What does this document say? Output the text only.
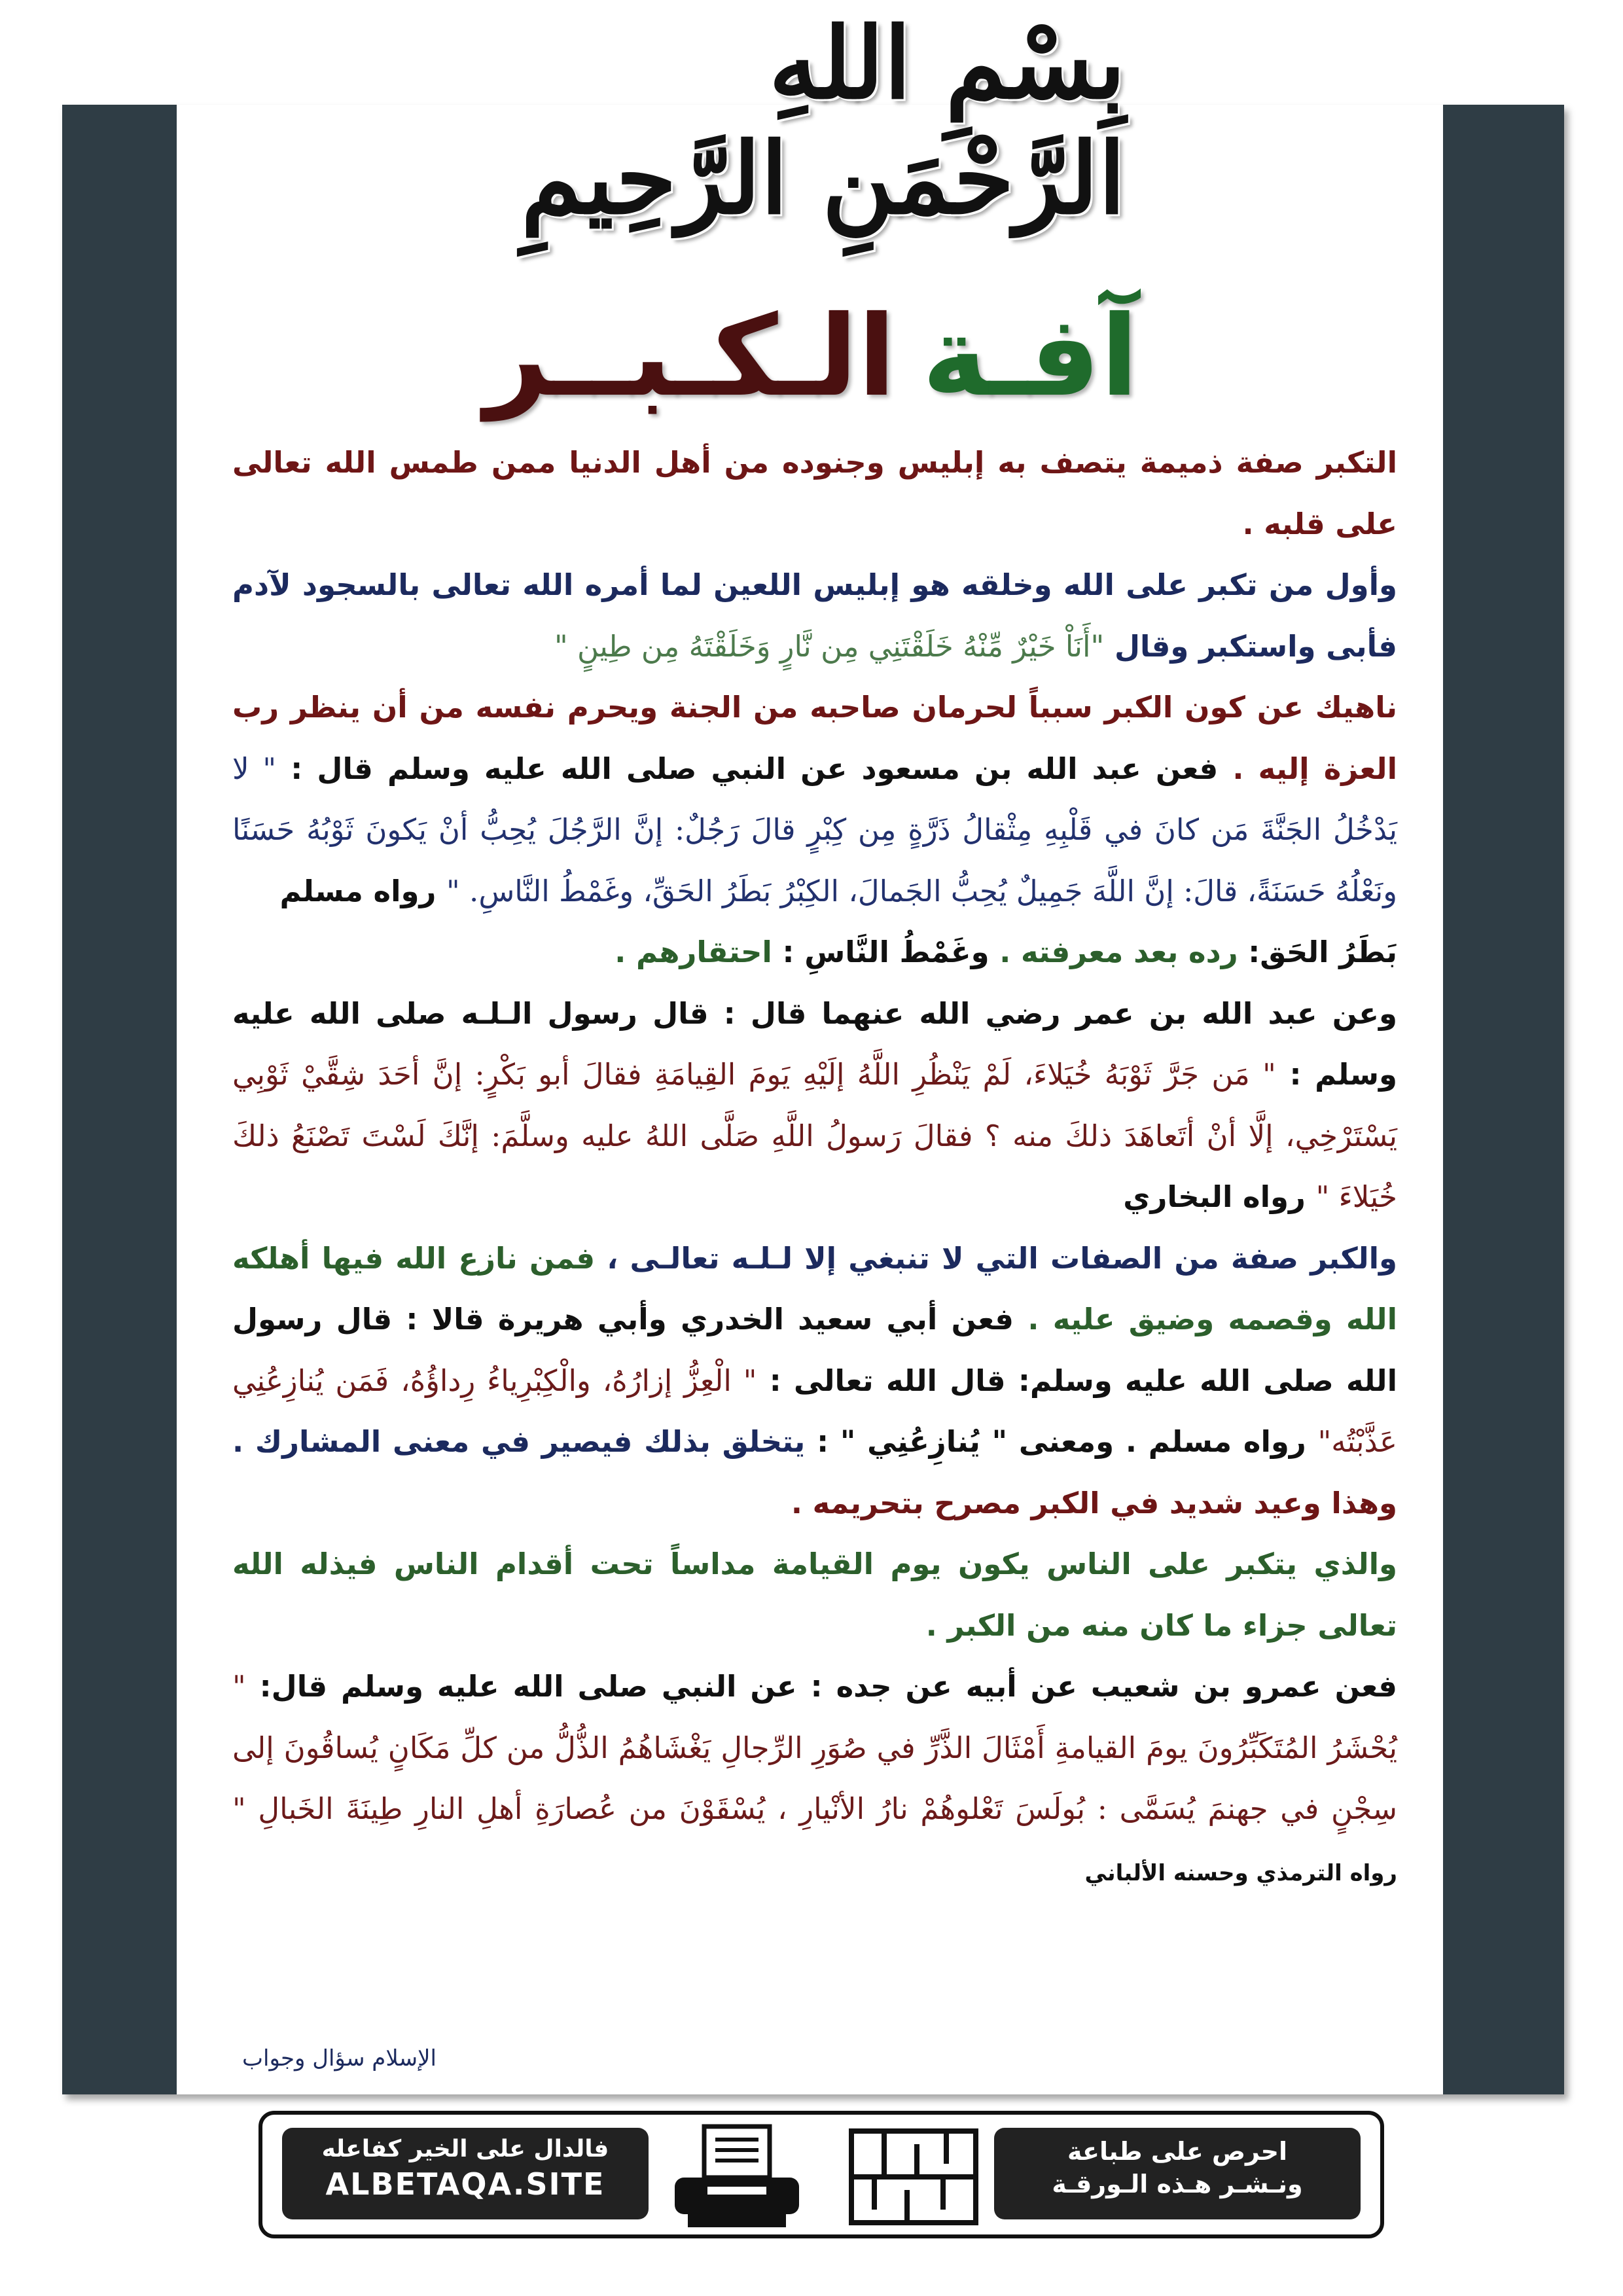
بِسْمِ اللهِ الرَّحْمَنِ الرَّحِيمِ
آفـة
الـكـبــر

التكبر صفة ذميمة يتصف به إبليس وجنوده من أهل الدنيا ممن طمس الله تعالى على قلبه .

وأول من تكبر على الله وخلقه هو إبليس اللعين لما أمره الله تعالى بالسجود لآدم فأبى واستكبر وقال "أَنَاْ خَيْرٌ مِّنْهُ خَلَقْتَنِي مِن نَّارٍ وَخَلَقْتَهُ مِن طِينٍ "

ناهيك عن كون الكبر سبباً لحرمان صاحبه من الجنة ويحرم نفسه من أن ينظر رب العزة إليه . فعن عبد الله بن مسعود عن النبي صلى الله عليه وسلم قال : " لا يَدْخُلُ الجَنَّةَ مَن كانَ في قَلْبِهِ مِثْقالُ ذَرَّةٍ مِن كِبْرٍ قالَ رَجُلٌ: إنَّ الرَّجُلَ يُحِبُّ أنْ يَكونَ ثَوْبُهُ حَسَنًا ونَعْلُهُ حَسَنَةً، قالَ: إنَّ اللَّهَ جَمِيلٌ يُحِبُّ الجَمالَ، الكِبْرُ بَطَرُ الحَقِّ، وغَمْطُ النَّاسِ. " رواه مسلم

بَطَرُ الحَق: رده بعد معرفته . وغَمْطُ النَّاسِ : احتقارهم .

وعن عبد الله بن عمر رضي الله عنهما قال : قال رسول الـلـه صلى الله عليه وسلم : " مَن جَرَّ ثَوْبَهُ خُيَلاءَ، لَمْ يَنْظُرِ اللَّهُ إلَيْهِ يَومَ القِيامَةِ فقالَ أبو بَكْرٍ: إنَّ أحَدَ شِقَّيْ ثَوْبِي يَسْتَرْخِي، إلَّا أنْ أتَعاهَدَ ذلكَ منه ؟ فقالَ رَسولُ اللَّهِ صَلَّى اللهُ عليه وسلَّمَ: إنَّكَ لَسْتَ تَصْنَعُ ذلكَ خُيَلاءَ " رواه البخاري

والكبر صفة من الصفات التي لا تنبغي إلا لـلـه تعالـى ، فمن نازع الله فيها أهلكه الله وقصمه وضيق عليه . فعن أبي سعيد الخدري وأبي هريرة قالا : قال رسول الله صلى الله عليه وسلم: قال الله تعالى : " الْعِزُّ إزارُهُ، والْكِبْرِياءُ رِداؤُهُ، فَمَن يُنازِعُنِي عَذَّبْتُه" رواه مسلم . ومعنى " يُنازِعُنِي " : يتخلق بذلك فيصير في معنى المشارك . وهذا وعيد شديد في الكبر مصرح بتحريمه .

والذي يتكبر على الناس يكون يوم القيامة مداساً تحت أقدام الناس فيذله الله تعالى جزاء ما كان منه من الكبر .

فعن عمرو بن شعيب عن أبيه عن جده : عن النبي صلى الله عليه وسلم قال: " يُحْشَرُ المُتَكَبِّرُونَ يومَ القيامةِ أَمْثَالَ الذَّرِّ في صُوَرِ الرِّجالِ يَغْشَاهُمُ الذُّلُّ من كلِّ مَكَانٍ يُساقُونَ إلى سِجْنٍ في جهنمَ يُسَمَّى : بُولَسَ تَعْلوهُمْ نارُ الأنْيارِ ، يُسْقَوْنَ من عُصارَةِ أهلِ النارِ طِينَةَ الخَبالِ " رواه الترمذي وحسنه الألباني

الإسلام سؤال وجواب
فالدال على الخير كفاعله
ALBETAQA.SITE
احرص على طباعة
ونـشـر هـذه الـورقـة
